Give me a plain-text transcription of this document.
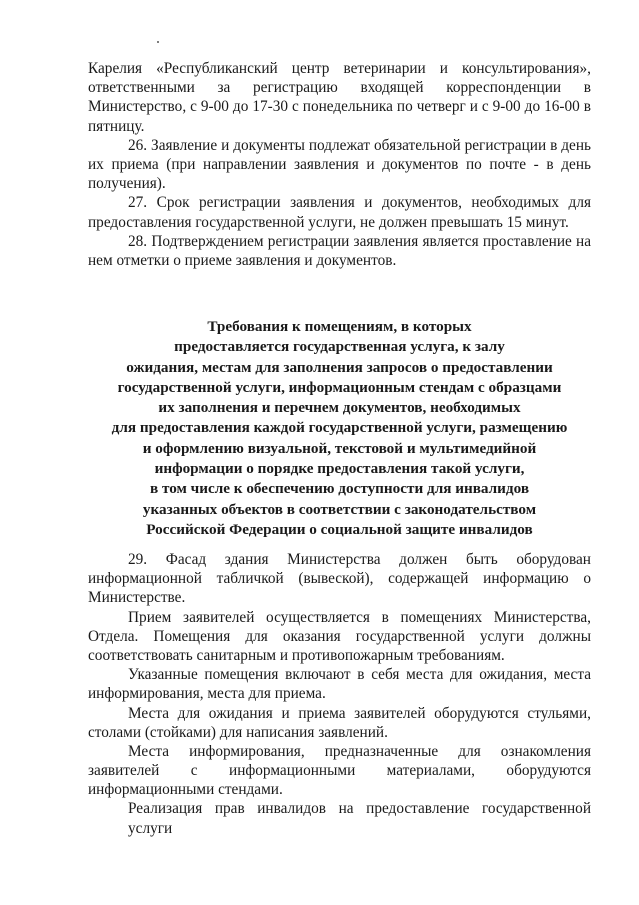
Карелия «Республиканский центр ветеринарии и консультирования»,
ответственными за регистрацию входящей корреспонденции в
Министерство, с 9-00 до 17-30 с понедельника по четверг и с 9-00 до 16-00 в
пятницу.
26. Заявление и документы подлежат обязательной регистрации в день
их приема (при направлении заявления и документов по почте - в день
получения).
27. Срок регистрации заявления и документов, необходимых для
предоставления государственной услуги, не должен превышать 15 минут.
28. Подтверждением регистрации заявления является проставление на
нем отметки о приеме заявления и документов.
Требования к помещениям, в которых
предоставляется государственная услуга, к залу
ожидания, местам для заполнения запросов о предоставлении
государственной услуги, информационным стендам с образцами
их заполнения и перечнем документов, необходимых
для предоставления каждой государственной услуги, размещению
и оформлению визуальной, текстовой и мультимедийной
информации о порядке предоставления такой услуги,
в том числе к обеспечению доступности для инвалидов
указанных объектов в соответствии с законодательством
Российской Федерации о социальной защите инвалидов
29. Фасад здания Министерства должен быть оборудован
информационной табличкой (вывеской), содержащей информацию о
Министерстве.
Прием заявителей осуществляется в помещениях Министерства,
Отдела. Помещения для оказания государственной услуги должны
соответствовать санитарным и противопожарным требованиям.
Указанные помещения включают в себя места для ожидания, места
информирования, места для приема.
Места для ожидания и приема заявителей оборудуются стульями,
столами (стойками) для написания заявлений.
Места информирования, предназначенные для ознакомления
заявителей с информационными материалами, оборудуются
информационными стендами.
Реализация прав инвалидов на предоставление государственной услуги
